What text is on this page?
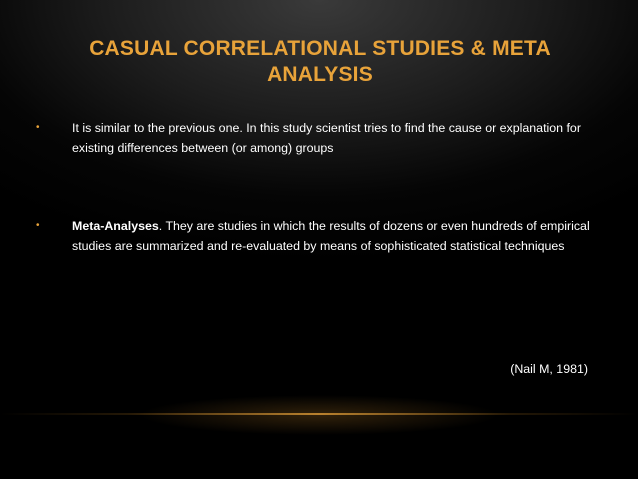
CASUAL CORRELATIONAL STUDIES & META ANALYSIS
•	It is similar to the previous one. In this study scientist tries to find the cause or explanation for existing differences between (or among) groups
•	Meta-Analyses. They are studies in which the results of dozens or even hundreds of empirical studies are summarized and re-evaluated by means of sophisticated statistical techniques
(Nail M, 1981)
